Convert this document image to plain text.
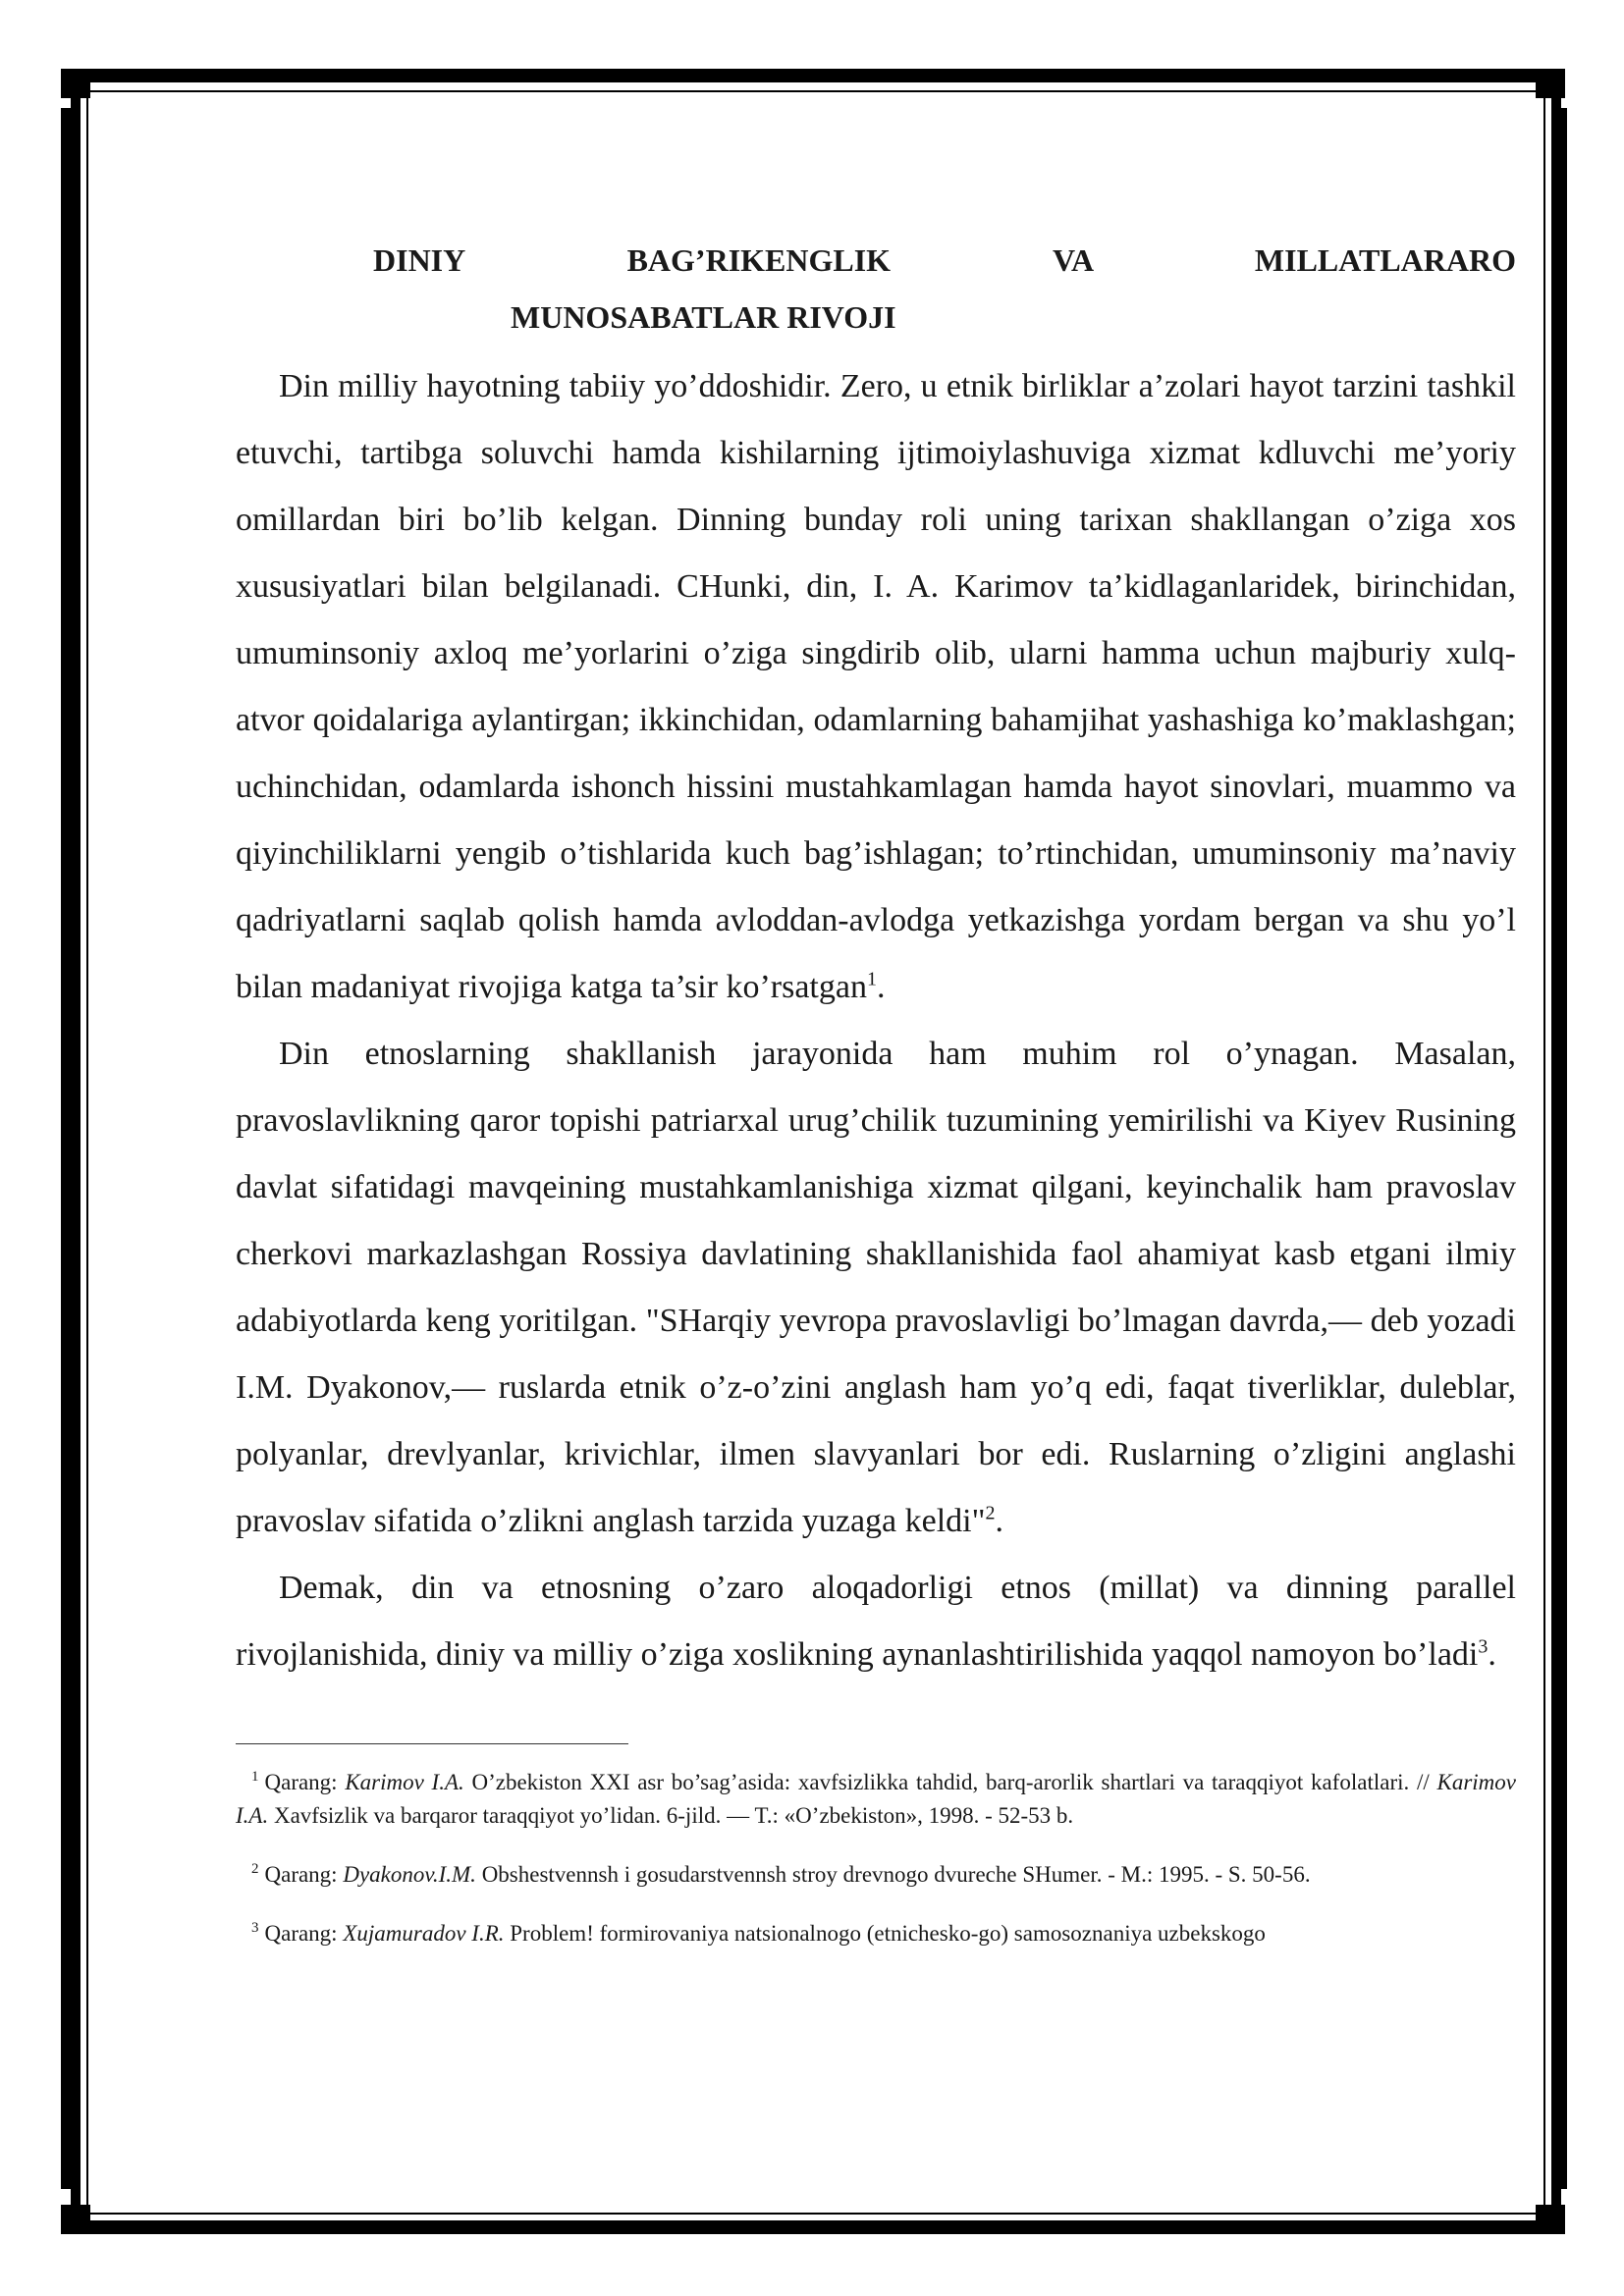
DINIY BAG’RIKENGLIK VA MILLATLARARO
MUNOSABATLAR RIVOJI

Din milliy hayotning tabiiy yo’ddoshidir. Zero, u etnik birliklar a’zolari hayot tarzini tashkil etuvchi, tartibga soluvchi hamda kishilarning ijtimoiylashuviga xizmat kdluvchi me’yoriy omillardan biri bo’lib kelgan. Dinning bunday roli uning tarixan shakllangan o’ziga xos xususiyatlari bilan belgilanadi. CHunki, din, I. A. Karimov ta’kidlaganlaridek, birinchidan, umuminsoniy axloq me’yorlarini o’ziga singdirib olib, ularni hamma uchun majburiy xulq-atvor qoidalariga aylantirgan; ikkinchidan, odamlarning bahamjihat yashashiga ko’maklashgan; uchinchidan, odamlarda ishonch hissini mustahkamlagan hamda hayot sinovlari, muammo va qiyinchiliklarni yengib o’tishlarida kuch bag’ishlagan; to’rtinchidan, umuminsoniy ma’naviy qadriyatlarni saqlab qolish hamda avloddan-avlodga yetkazishga yordam bergan va shu yo’l bilan madaniyat rivojiga katga ta’sir ko’rsatgan$^1$.

Din etnoslarning shakllanish jarayonida ham muhim rol o’ynagan. Masalan, pravoslavlikning qaror topishi patriarxal urug’chilik tuzumining yemirilishi va Kiyev Rusining davlat sifatidagi mavqeining mustahkamlanishiga xizmat qilgani, keyinchalik ham pravoslav cherkovi markazlashgan Rossiya davlatining shakllanishida faol ahamiyat kasb etgani ilmiy adabiyotlarda keng yoritilgan. "SHarqiy yevropa pravoslavligi bo’lmagan davrda,— deb yozadi I.M. Dyakonov,— ruslarda etnik o’z-o’zini anglash ham yo’q edi, faqat tiverliklar, duleblar, polyanlar, drevlyanlar, krivichlar, ilmen slavyanlari bor edi. Ruslarning o’zligini anglashi pravoslav sifatida o’zlikni anglash tarzida yuzaga keldi"$^2$.

Demak, din va etnosning o’zaro aloqadorligi etnos (millat) va dinning parallel rivojlanishida, diniy va milliy o’ziga xoslikning aynanlashtirilishida yaqqol namoyon bo’ladi$^3$.

$^1$ Qarang: Karimov I.A. O’zbekiston XXI asr bo’sag’asida: xavfsizlikka tahdid, barq-arorlik shartlari va taraqqiyot kafolatlari. // Karimov I.A. Xavfsizlik va barqaror taraqqiyot yo’lidan. 6-jild. — T.: «O’zbekiston», 1998. - 52-53 b.

$^2$ Qarang: Dyakonov.I.M. Obshestvennsh i gosudarstvennsh stroy drevnogo dvureche SHumer. - M.: 1995. - S. 50-56.

$^3$ Qarang: Xujamuradov I.R. Problem! formirovaniya natsionalnogo (etnichesko-go) samosoznaniya uzbekskogo
